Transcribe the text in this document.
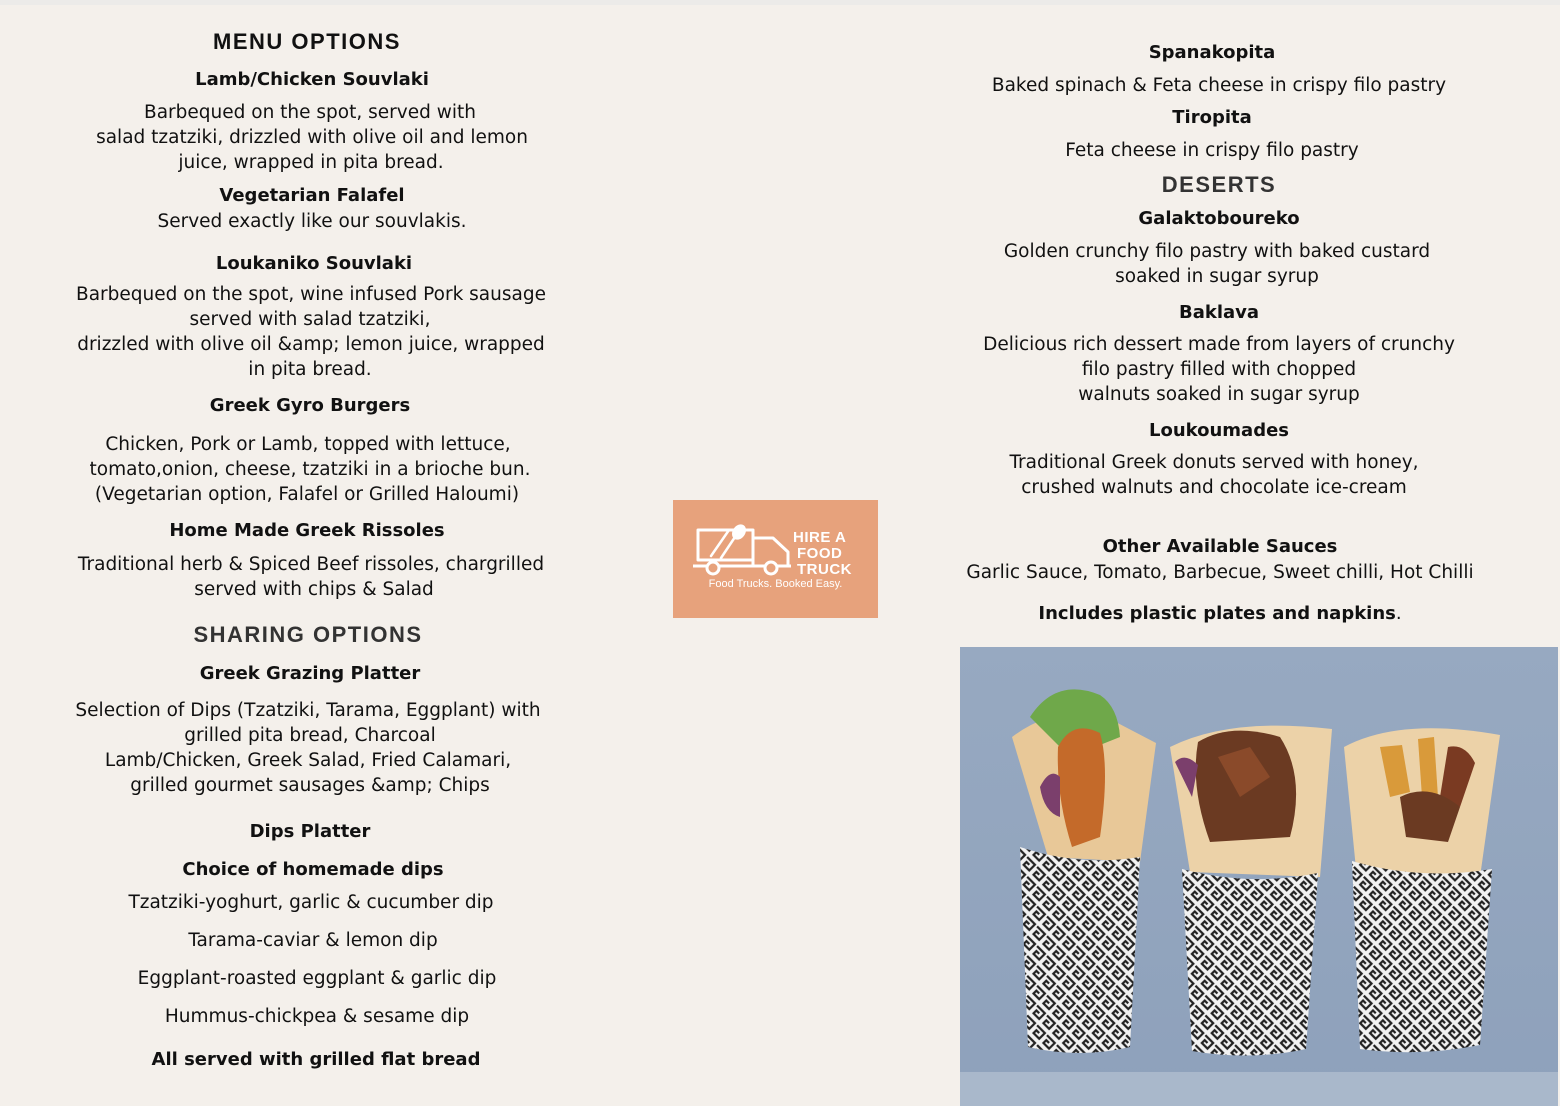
MENU OPTIONS
Lamb/Chicken Souvlaki
Barbequed on the spot, served with
salad tzatziki, drizzled with olive oil and lemon
juice, wrapped in pita bread.
Vegetarian Falafel
Served exactly like our souvlakis.
Loukaniko Souvlaki
Barbequed on the spot, wine infused Pork sausage
served with salad tzatziki,
drizzled with olive oil &amp; lemon juice, wrapped
in pita bread.
Greek Gyro Burgers
Chicken, Pork or Lamb, topped with lettuce,
tomato,onion, cheese, tzatziki in a brioche bun.
(Vegetarian option, Falafel or Grilled Haloumi)
Home Made Greek Rissoles
Traditional herb & Spiced Beef rissoles, chargrilled
served with chips & Salad
SHARING OPTIONS
Greek Grazing Platter
Selection of Dips (Tzatziki, Tarama, Eggplant) with
grilled pita bread, Charcoal
Lamb/Chicken, Greek Salad, Fried Calamari,
grilled gourmet sausages &amp; Chips
Dips Platter
Choice of homemade dips
Tzatziki-yoghurt, garlic & cucumber dip
Tarama-caviar & lemon dip
Eggplant-roasted eggplant & garlic dip
Hummus-chickpea & sesame dip
All served with grilled flat bread
HIRE A
FOOD
TRUCK
Food Trucks. Booked Easy.
Spanakopita
Baked spinach & Feta cheese in crispy filo pastry
Tiropita
Feta cheese in crispy filo pastry
DESERTS
Galaktoboureko
Golden crunchy filo pastry with baked custard
soaked in sugar syrup
Baklava
Delicious rich dessert made from layers of crunchy
filo pastry filled with chopped
walnuts soaked in sugar syrup
Loukoumades
Traditional Greek donuts served with honey,
crushed walnuts and chocolate ice-cream
Other Available Sauces
Garlic Sauce, Tomato, Barbecue, Sweet chilli, Hot Chilli
Includes plastic plates and napkins.
